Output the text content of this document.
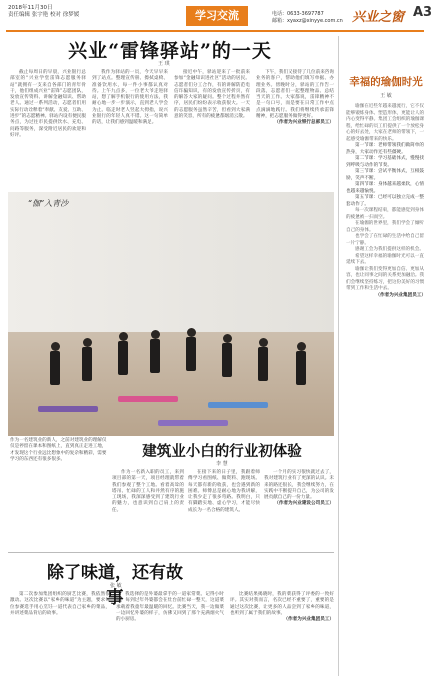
2018年11月30日
责任编辑 张宇艳 校对 徐梦媛	学习交流	电话：0633-3697787
邮箱：xyaxz@xinyye.com.cn 兴业之窗 A3
兴业“雷锋驿站”的一天
王 琪

截止每周日的早晨，兴业银行总部室的“兴业学堂雷锋志愿服务驿站”就拥有一支来自各部门的青年骨干，他们组成兴业“雷锋”志愿团队，发放宣传资料、讲解金融知识、帮助老人。通过一系列活动，志愿者们用实际行动诠释着“奉献、友爱、互助、进步”的志愿精神。驿站内设有便民服务点，为过往市民提供饮水、充电、问路等服务，深受附近居民的欢迎和好评。

我作为驿站的一员，今天早早来到了站点。整理宣传册、擦拭桌椅、准备饮用水，每一件小事都认真对待。上午九点多，一位老大爷走进驿站，想了解手机银行的使用方法，我耐心地一步一步演示，直到老人学会为止。临走时老人竖起大拇指，说兴业银行的年轻人真不错。这一句简单的话，让我们感到温暖和满足。

接近中午，驿站迎来了一批前来参加“金融知识进社区”活动的居民。志愿者们分工合作，有的讲解防范电信诈骗知识，有的发放宣传折页，有的解答大家的疑问。整个过程井然有序，居民们纷纷表示收获很大。一天的志愿服务虽然辛苦，但看到大家满意的笑容，所有的疲惫都烟消云散。

下午，我们又接待了几位前来咨询业务的客户，帮助他们填写单据、办理业务。傍晚时分，驿站的工作告一段落，志愿者们一起整理物品、总结当天的工作。大家都说，雷锋精神不是一句口号，而是要在日常工作中点点滴滴地践行。我们将继续传承雷锋精神，把志愿服务做得更好。

（作者为兴业银行总部员工）
“伽”入青沙
作为一名建筑业的新人，之前对建筑业的理解仅仅是停留在课本和图纸上，直到真正走进工地，才发现这个行业远比想象中的复杂和精彩，需要学习的东西还有很多很多。	建筑业小白的行业初体验
李 慧

作为一名新入职的员工，来到项目部的第一天，项目经理就带着我们参观了整个工地。看着高耸的塔吊、忙碌的工人和井然有序的施工现场，我深深感受到了建筑行业的魅力，也意识到自己肩上的责任。

在接下来的日子里，我跟着师傅学习看图纸、做资料、跑现场。每天都有新的收获，也会遇到新的困难。师傅总是耐心地为我讲解，让我少走了很多弯路。我明白，只有脚踏实地、虚心学习，才能尽快成长为一名合格的建筑人。

一个月的实习很快就过去了，我对建筑行业有了更深的认识。未来的路还很长，我会继续努力，在实践中不断提升自己，为公司的发展贡献自己的一份力量。

（作者为兴业建设公司员工）
除了味道，还有故事
张 敏

第二次参加集团组织的厨艺比赛，我依然很激动。这次比赛以“家乡的味道”为主题，要求每位参赛选手用心烹饪一道代表自己家乡的菜品，并讲述菜品背后的故事。

我选择的是外婆最拿手的一道家常菜。记得小时候，每到过年外婆都会在灶台前忙碌一整天，这道菜承载着我童年最温暖的回忆。比赛当天，我一边做菜一边回忆外婆的样子，仿佛又回到了那个充满烟火气的小厨房。

比赛结果揭晓时，我的菜获得了评委的一致好评。其实对我而言，名次已经不重要了，重要的是通过这次比赛，让更多的人品尝到了家乡的味道，也听到了属于我们的故事。

（作者为兴业集团员工）
幸福的瑜伽时光
王 敏

瑜伽在近些年越来越流行，它不仅能够锻炼身体、塑造形体，更能让人的内心变得平静。集团工会组织的瑜伽课程，给忙碌的员工们提供了一个放松身心的好去处，大家在老师的带领下，一起感受瑜伽带来的快乐。

第一节课：老师带领我们做简单的热身，大家动作还有些僵硬。

第二节课：学习基础体式，慢慢找到呼吸与动作的节奏。

第三节课：尝试平衡体式，互相鼓励，笑声不断。

第四节课：身体越来越柔软，心情也越来越愉悦。

第五节课：已经可以独立完成一整套动作了。

每一次课程结束，都能感觉到身体的疲惫被一扫而空。

在瑜伽的世界里，我们学会了倾听自己的身体。

也学会了在忙碌的生活中给自己留一片宁静。

感谢工会为我们提供这样的机会。

希望这样幸福的瑜伽时光可以一直延续下去。

瑜伽让我们变得更加自信、更加从容，也让同事之间的关系更加融洽。我们会继续坚持练习，把这份美好的习惯带到工作和生活中去。

（作者为兴业集团员工）
